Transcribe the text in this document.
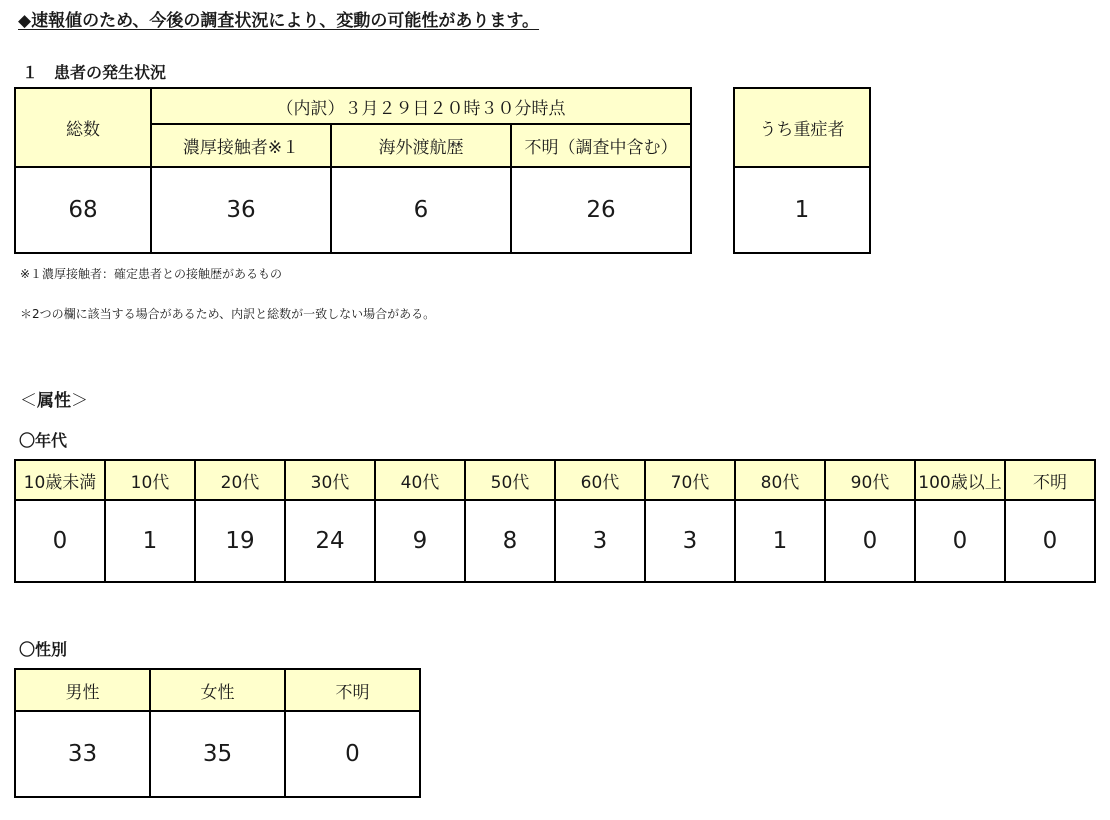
◆速報値のため、今後の調査状況により、変動の可能性があります。
１　患者の発生状況
総数	（内訳）３月２９日２０時３０分時点		
	濃厚接触者※１	海外渡航歴	不明（調査中含む）
68	36	6	26
うち重症者
1
※１濃厚接触者：確定患者との接触歴があるもの
＊2つの欄に該当する場合があるため、内訳と総数が一致しない場合がある。
＜属性＞
〇年代
10歳未満	10代	20代	30代	40代	50代	60代	70代	80代	90代	100歳以上	不明
0	1	19	24	9	8	3	3	1	0	0	0
〇性別
男性	女性	不明
33	35	0
